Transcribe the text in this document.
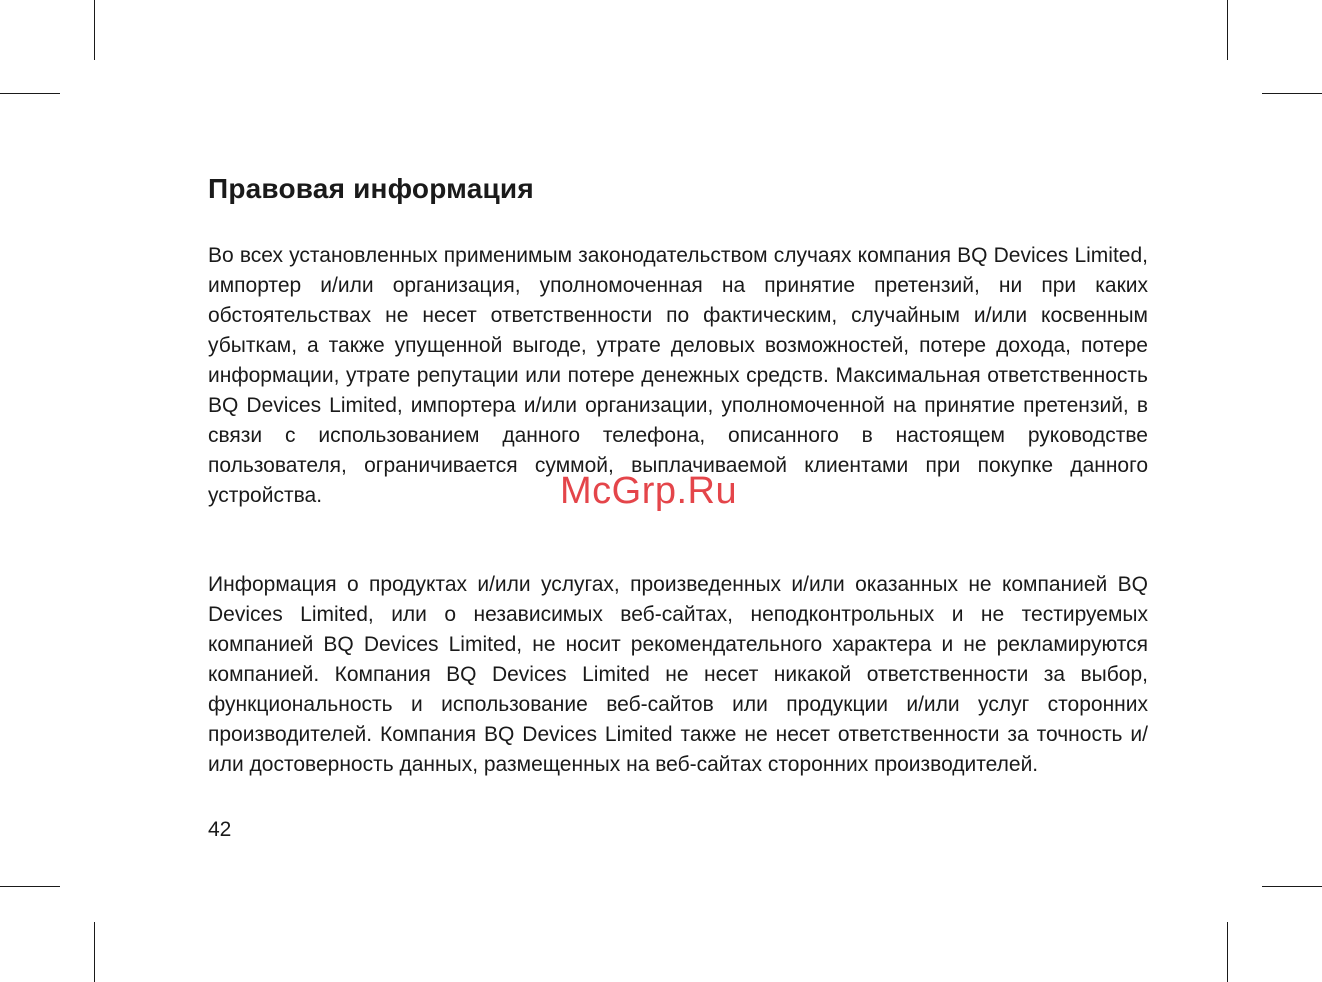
Правовая информация

Во всех установленных применимым законодательством случаях компания BQ Devices Limited, импортер и/или организация, уполномоченная на принятие претензий, ни при каких обстоятельствах не несет ответственности по фактическим, случайным и/или косвенным убыткам, а также упущенной выгоде, утрате деловых возможностей, потере дохода, потере информации, утрате репутации или потере денежных средств. Максимальная ответственность BQ Devices Limited, импортера и/или организации, уполномоченной на принятие претензий, в связи с использованием данного телефона, описанного в настоящем руководстве пользователя, ограничивается суммой, выплачиваемой клиентами при покупке данного устройства.

Информация о продуктах и/или услугах, произведенных и/или оказанных не компанией BQ Devices Limited, или о независимых веб-сайтах, неподконтрольных и не тестируемых компанией BQ Devices Limited, не носит рекомендательного характера и не рекламируются компанией. Компания BQ Devices Limited не несет никакой ответственности за выбор, функциональность и использование веб-сайтов или продукции и/или услуг сторонних производителей. Компания BQ Devices Limited также не несет ответственности за точность и/или достоверность данных, размещенных на веб-сайтах сторонних производителей.

42
McGrp.Ru
